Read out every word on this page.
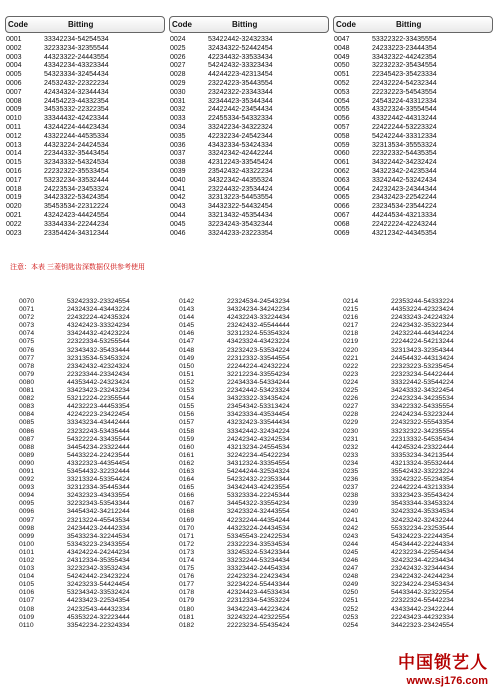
Code	Bitting
0001	33342234-54254534
0002	32233234-32355544
0003	44323322-24443554
0004	43342234-43323344
0005	54323334-32454434
0006	24532432-22322234
0007	42434324-32344434
0008	24454223-44332354
0009	34535332-22322354
0010	33344432-42423344
0011	43244224-44423434
0012	43322244-44535334
0013	44323224-24424534
0014	22344332-35443454
0015	32343332-54324534
0016	22232322-35533454
0017	53232234-33532444
0018	24223534-23453324
0019	34423322-53424354
0020	35453534-22312224
0021	43242423-44424554
0022	33344334-22244234
0023	23354424-34312344
Code	Bitting
0024	53422442-32432334
0025	32434322-52442454
0026	42234432-33533434
0027	54242432-33323434
0028	44244223-42313454
0029	23224223-35443554
0030	23242322-23343344
0031	32344423-35344344
0032	24422442-23454434
0033	22455334-54332334
0034	33242234-34322324
0035	42232234-24542344
0036	43432334-53424334
0037	33242342-42442244
0038	42312243-33545424
0039	23542432-43322234
0040	34322342-44355324
0041	23224432-23534424
0042	32313223-54453554
0043	34432322-54432454
0044	33213432-45354434
0045	32234243-35432344
0046	33244233-23223354
Code	Bitting
0047	53322322-33435554
0048	24233223-23444354
0049	33432322-44242354
0050	32232232-35434554
0051	22345423-35423334
0052	22432224-54232344
0053	22232223-54543554
0054	24543224-43312334
0055	43322324-33554544
0056	43322442-44313244
0057	22422244-53223324
0058	54242244-33312334
0059	32313534-35553324
0060	22322332-54435354
0061	34322442-34232424
0062	34322342-24235344
0063	33242442-53242434
0064	24232423-24344344
0065	23432423-22542244
0066	23234534-23544224
0067	44244534-43213334
0068	22422224-42243244
0069	43212342-44345354
注意：本表 三菱钥匙齿深数据仅供参考使用
0070	53242332-23324554
0071	24324324-43443224
0072	22432224-42435324
0073	43242423-33324234
0074	33424432-42423224
0075	22322334-53255544
0076	32343432-35433444
0077	32313534-53453324
0078	23342432-42324324
0079	22323344-23342434
0080	44353442-24323424
0081	33423423-23243234
0082	53212224-22355544
0083	44232223-44453354
0084	42242223-23422454
0085	33343234-43442444
0086	23232243-53435444
0087	54322224-33435544
0088	34454234-23322444
0089	54433224-22423544
0090	43322323-44354454
0091	53454432-32232444
0092	33213324-53354424
0093	32312334-35445344
0094	32432323-43433554
0095	32232343-53543344
0096	34454342-34212244
0097	23213224-45543534
0098	24234423-24442334
0099	35433234-32244534
0100	53343223-23433554
0101	43424224-24244234
0102	24312334-35355434
0103	32232342-33532434
0104	54242442-23423224
0105	32423233-54424454
0106	53234342-33532424
0107	44233423-22534354
0108	24232543-44432334
0109	45353224-32223444
0110	33542234-22324334
0142	22324534-24543234
0143	34324234-34242234
0144	42432243-33224434
0145	23242432-45544444
0146	32312324-55354324
0147	43423324-43423224
0148	23232423-53534224
0149	22312332-33544554
0150	22244224-42432224
0151	32212234-33554234
0152	22434334-54334244
0153	22342442-53423324
0154	34323322-33435424
0155	23454342-53313424
0156	33423334-43534454
0157	43232423-33544434
0158	33342442-32434224
0159	24242342-43242534
0160	43213234-24554534
0161	32242234-45422234
0162	34312324-33354554
0163	54244244-32534324
0164	54232432-22353344
0165	34342443-42423554
0166	53323334-22245344
0167	34454322-33554234
0168	32423324-32443554
0169	42232244-44354244
0170	44323224-24434534
0171	53345543-22422534
0172	23322234-33534534
0173	33245324-53423344
0174	33232244-53234434
0175	33323442-24454334
0176	22423234-22423434
0177	32234224-55443344
0178	42324423-44533434
0179	22312334-54353224
0180	34342243-44223424
0181	32243224-42322554
0182	22223234-55435424
0214	22353244-54333224
0215	44353224-42323424
0216	22433243-24224324
0217	22423432-35322344
0218	24232244-44344224
0219	22244224-54213244
0220	32313423-32354344
0221	24454432-44313424
0222	22323223-53235454
0223	22323234-54422444
0224	33322442-53544224
0225	34243332-34322454
0226	22423234-34235534
0227	33422332-54335554
0228	22424234-53223244
0229	22432322-55543354
0230	33232322-34235554
0231	22313332-54535434
0232	44245324-23322444
0233	33353234-34213544
0234	43213324-35532444
0235	35542432-33223224
0236	33242322-55234354
0237	22442224-43213334
0238	33323423-35543424
0239	35433344-33453324
0240	32423324-35334534
0241	32423242-32432244
0242	55332234-23253544
0243	54324223-22244354
0244	45434442-22244334
0245	42232234-22554434
0246	32423234-42234434
0247	23242432-32344434
0248	23422432-24244234
0249	32234224-23453434
0250	54433442-32322554
0251	22322324-55442234
0252	43433442-23422244
0253	22243423-44232334
0254	34422323-23424554
中国锁艺人
www.sj176.com
